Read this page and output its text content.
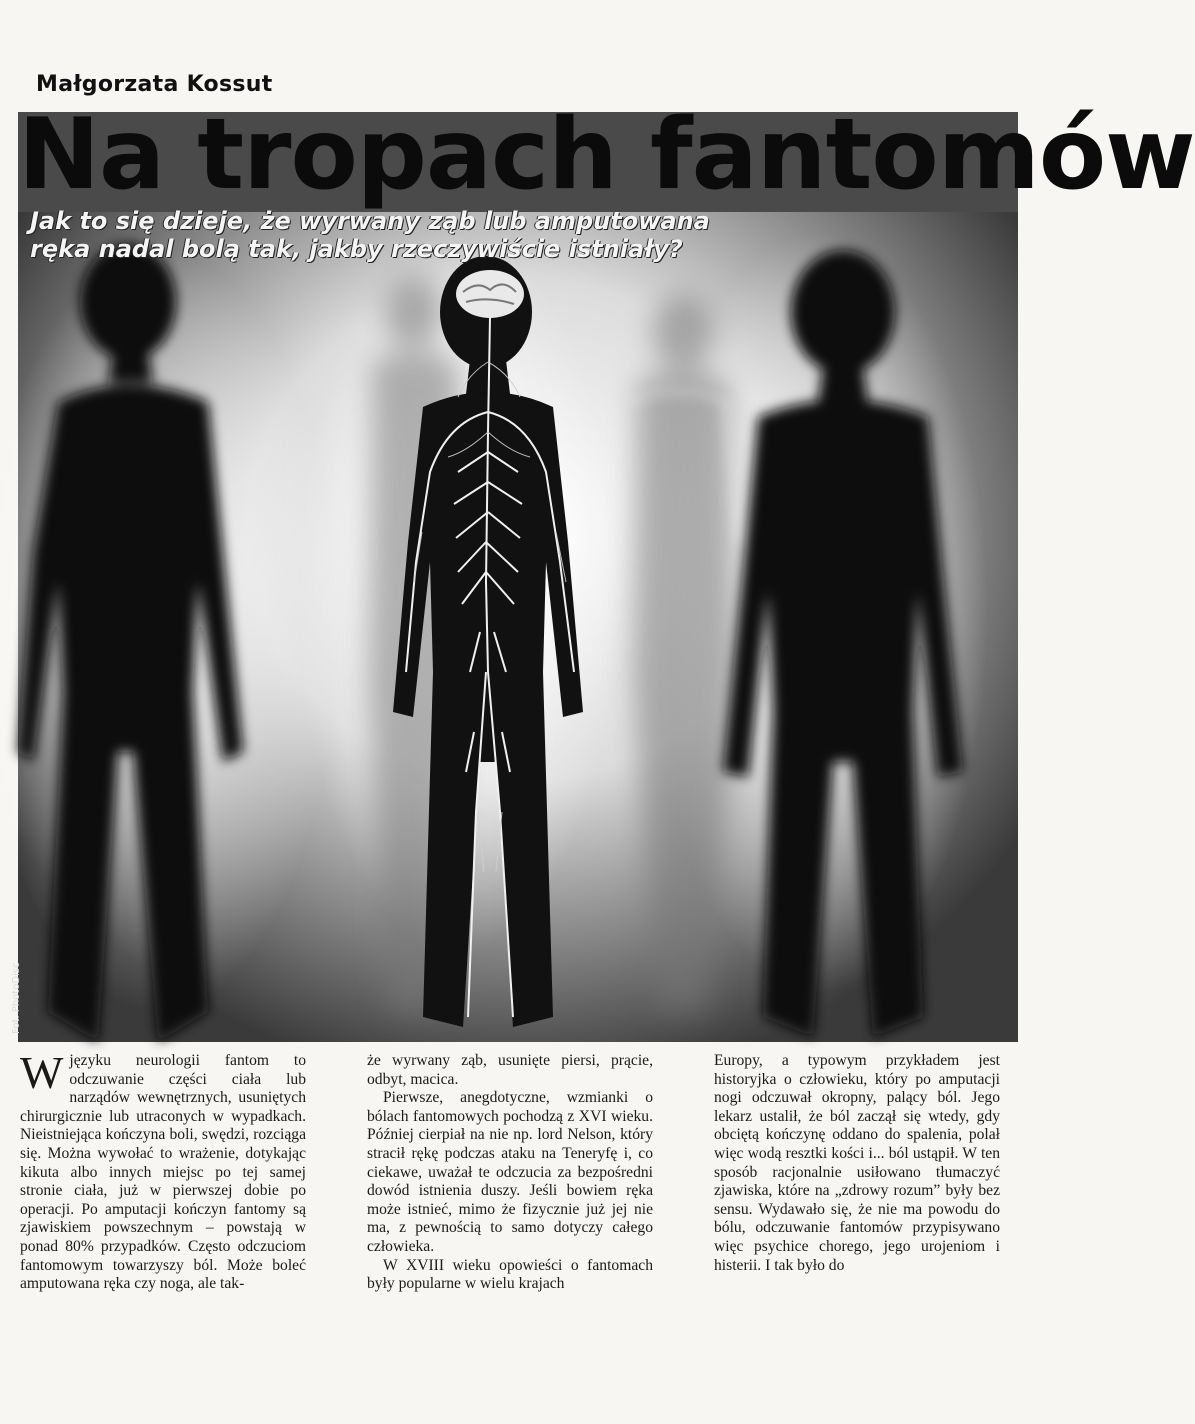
Małgorzata Kossut
Na tropach fantomów
Jak to się dzieje, że wyrwany ząb lub amputowana ręka nadal bolą tak, jakby rzeczywiście istniały?
Fot. PhotoDisc

Wjęzyku neurologii fantom to odczuwanie części ciała lub narządów wewnętrznych, usuniętych chirurgicznie lub utraconych w wypadkach. Nieistniejąca kończyna boli, swędzi, rozciąga się. Można wywołać to wrażenie, dotykając kikuta albo innych miejsc po tej samej stronie ciała, już w pierwszej dobie po operacji. Po amputacji kończyn fantomy są zjawiskiem powszechnym – powstają w ponad 80% przypadków. Często odczuciom fantomowym towarzyszy ból. Może boleć amputowana ręka czy noga, ale tak-

że wyrwany ząb, usunięte piersi, prącie, odbyt, macica.

Pierwsze, anegdotyczne, wzmianki o bólach fantomowych pochodzą z XVI wieku. Później cierpiał na nie np. lord Nelson, który stracił rękę podczas ataku na Teneryfę i, co ciekawe, uważał te odczucia za bezpośredni dowód istnienia duszy. Jeśli bowiem ręka może istnieć, mimo że fizycznie już jej nie ma, z pewnością to samo dotyczy całego człowieka.

W XVIII wieku opowieści o fantomach były popularne w wielu krajach

Europy, a typowym przykładem jest historyjka o człowieku, który po amputacji nogi odczuwał okropny, palący ból. Jego lekarz ustalił, że ból zaczął się wtedy, gdy obciętą kończynę oddano do spalenia, polał więc wodą resztki kości i... ból ustąpił. W ten sposób racjonalnie usiłowano tłumaczyć zjawiska, które na „zdrowy rozum” były bez sensu. Wydawało się, że nie ma powodu do bólu, odczuwanie fantomów przypisywano więc psychice chorego, jego urojeniom i histerii. I tak było do
